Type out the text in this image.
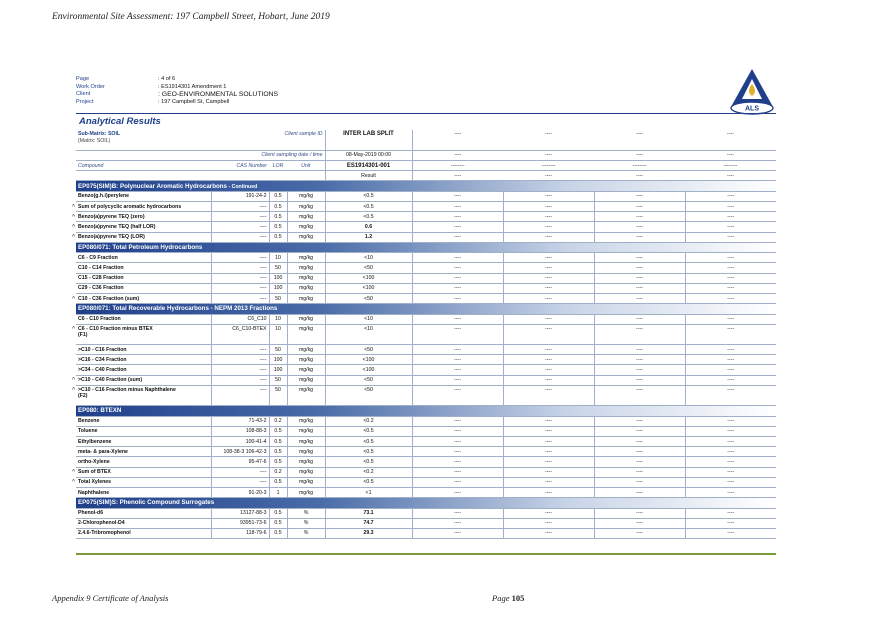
Environmental Site Assessment: 197 Campbell Street, Hobart, June 2019
Page	: 4 of 6
Work Order	: ES1914301 Amendment 1
Client	: GEO-ENVIRONMENTAL SOLUTIONS
Project	: 197 Campbell St, Campbell
ALS
Analytical Results
Sub-Matrix: SOIL
(Matrix: SOIL)		Client sample ID		INTER LAB SPLIT	----	----	----	----
Client sampling date / time				08-May-2019 00:00	----	----	----	----
Compound	CAS Number	LOR	Unit	ES1914301-001	--------	--------	--------	--------
				Result	----	----	----	----
EP075(SIM)B: Polynuclear Aromatic Hydrocarbons - Continued								
Benzo(g.h.i)perylene	191-24-2	0.5	mg/kg	<0.5	----	----	----	----
^ Sum of polycyclic aromatic hydrocarbons	----	0.5	mg/kg	<0.5	----	----	----	----
^ Benzo(a)pyrene TEQ (zero)	----	0.5	mg/kg	<0.5	----	----	----	----
^ Benzo(a)pyrene TEQ (half LOR)	----	0.5	mg/kg	0.6	----	----	----	----
^ Benzo(a)pyrene TEQ (LOR)	----	0.5	mg/kg	1.2	----	----	----	----
EP080/071: Total Petroleum Hydrocarbons								
C6 - C9 Fraction	----	10	mg/kg	<10	----	----	----	----
C10 - C14 Fraction	----	50	mg/kg	<50	----	----	----	----
C15 - C28 Fraction	----	100	mg/kg	<100	----	----	----	----
C29 - C36 Fraction	----	100	mg/kg	<100	----	----	----	----
^ C10 - C36 Fraction (sum)	----	50	mg/kg	<50	----	----	----	----
EP080/071: Total Recoverable Hydrocarbons - NEPM 2013 Fractions								
C6 - C10 Fraction	C6_C10	10	mg/kg	<10	----	----	----	----
^ C6 - C10 Fraction minus BTEX
(F1)	C6_C10-BTEX	10	mg/kg	<10	----	----	----	----
>C10 - C16 Fraction	----	50	mg/kg	<50	----	----	----	----
>C16 - C34 Fraction	----	100	mg/kg	<100	----	----	----	----
>C34 - C40 Fraction	----	100	mg/kg	<100	----	----	----	----
^ >C10 - C40 Fraction (sum)	----	50	mg/kg	<50	----	----	----	----
^ >C10 - C16 Fraction minus Naphthalene
(F2)	----	50	mg/kg	<50	----	----	----	----
EP080: BTEXN								
Benzene	71-43-2	0.2	mg/kg	<0.2	----	----	----	----
Toluene	108-88-3	0.5	mg/kg	<0.5	----	----	----	----
Ethylbenzene	100-41-4	0.5	mg/kg	<0.5	----	----	----	----
meta- & para-Xylene	108-38-3 106-42-3	0.5	mg/kg	<0.5	----	----	----	----
ortho-Xylene	95-47-6	0.5	mg/kg	<0.5	----	----	----	----
^ Sum of BTEX	----	0.2	mg/kg	<0.2	----	----	----	----
^ Total Xylenes	----	0.5	mg/kg	<0.5	----	----	----	----
Naphthalene	91-20-3	1	mg/kg	<1	----	----	----	----
EP075(SIM)S: Phenolic Compound Surrogates								
Phenol-d6	13127-88-3	0.5	%	73.1	----	----	----	----
2-Chlorophenol-D4	93951-73-6	0.5	%	74.7	----	----	----	----
2.4.6-Tribromophenol	118-79-6	0.5	%	29.3	----	----	----	----
Appendix 9 Certificate of Analysis	Page 105
